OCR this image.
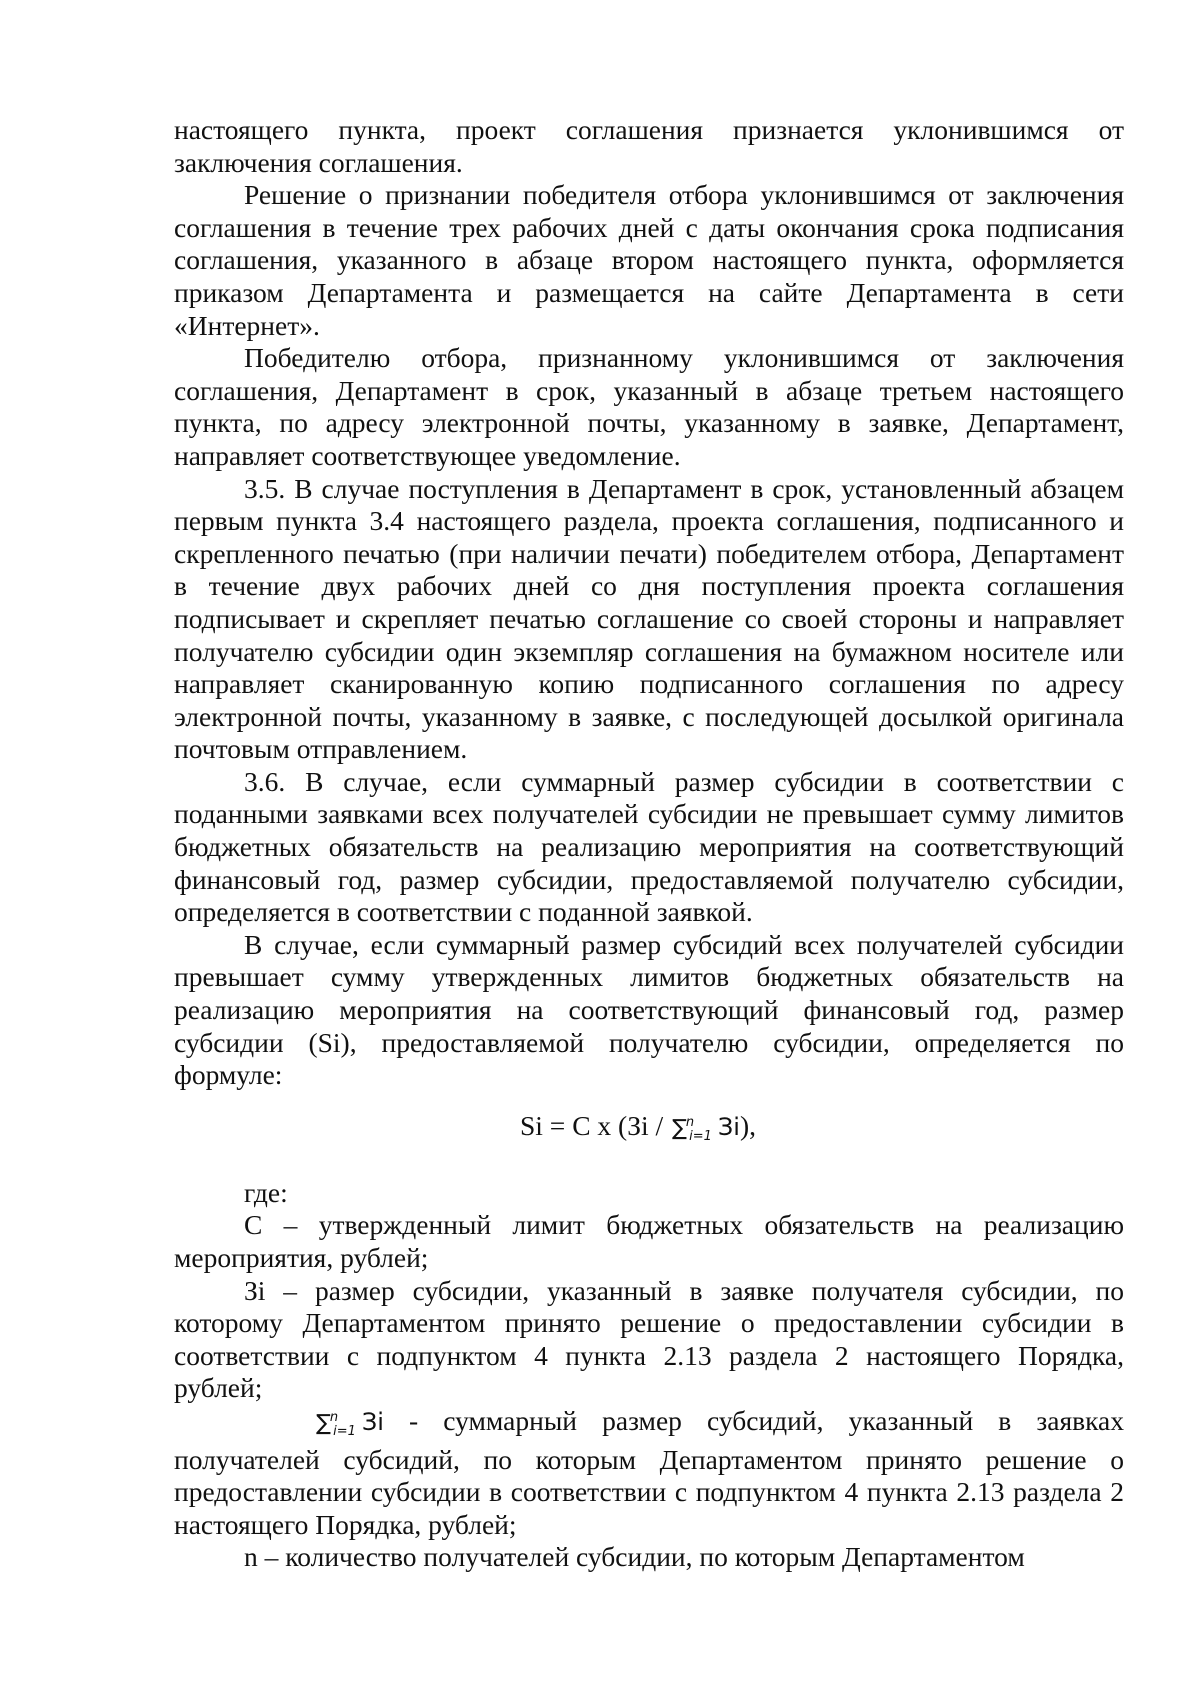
настоящего пункта, проект соглашения признается уклонившимся от заключения соглашения.

Решение о признании победителя отбора уклонившимся от заключения соглашения в течение трех рабочих дней с даты окончания срока подписания соглашения, указанного в абзаце втором настоящего пункта, оформляется приказом Департамента и размещается на сайте Департамента в сети «Интернет».

Победителю отбора, признанному уклонившимся от заключения соглашения, Департамент в срок, указанный в абзаце третьем настоящего пункта, по адресу электронной почты, указанному в заявке, Департамент, направляет соответствующее уведомление.

3.5. В случае поступления в Департамент в срок, установленный абзацем первым пункта 3.4 настоящего раздела, проекта соглашения, подписанного и скрепленного печатью (при наличии печати) победителем отбора, Департамент в течение двух рабочих дней со дня поступления проекта соглашения подписывает и скрепляет печатью соглашение со своей стороны и направляет получателю субсидии один экземпляр соглашения на бумажном носителе или направляет сканированную копию подписанного соглашения по адресу электронной почты, указанному в заявке, с последующей досылкой оригинала почтовым отправлением.

3.6. В случае, если суммарный размер субсидии в соответствии с поданными заявками всех получателей субсидии не превышает сумму лимитов бюджетных обязательств на реализацию мероприятия на соответствующий финансовый год, размер субсидии, предоставляемой получателю субсидии, определяется в соответствии с поданной заявкой.

В случае, если суммарный размер субсидий всех получателей субсидии превышает сумму утвержденных лимитов бюджетных обязательств на реализацию мероприятия на соответствующий финансовый год, размер субсидии (Si), предоставляемой получателю субсидии, определяется по формуле:

Si = C x (Зi / ∑$^n_{i=1}$ Зi),

где:

С – утвержденный лимит бюджетных обязательств на реализацию мероприятия, рублей;

Зi – размер субсидии, указанный в заявке получателя субсидии, по которому Департаментом принято решение о предоставлении субсидии в соответствии с подпунктом 4 пункта 2.13 раздела 2 настоящего Порядка, рублей;

∑$^n_{i=1}$ Зi - суммарный размер субсидий, указанный в заявках получателей субсидий, по которым Департаментом принято решение о предоставлении субсидии в соответствии с подпунктом 4 пункта 2.13 раздела 2 настоящего Порядка, рублей;

n – количество получателей субсидии, по которым Департаментом
